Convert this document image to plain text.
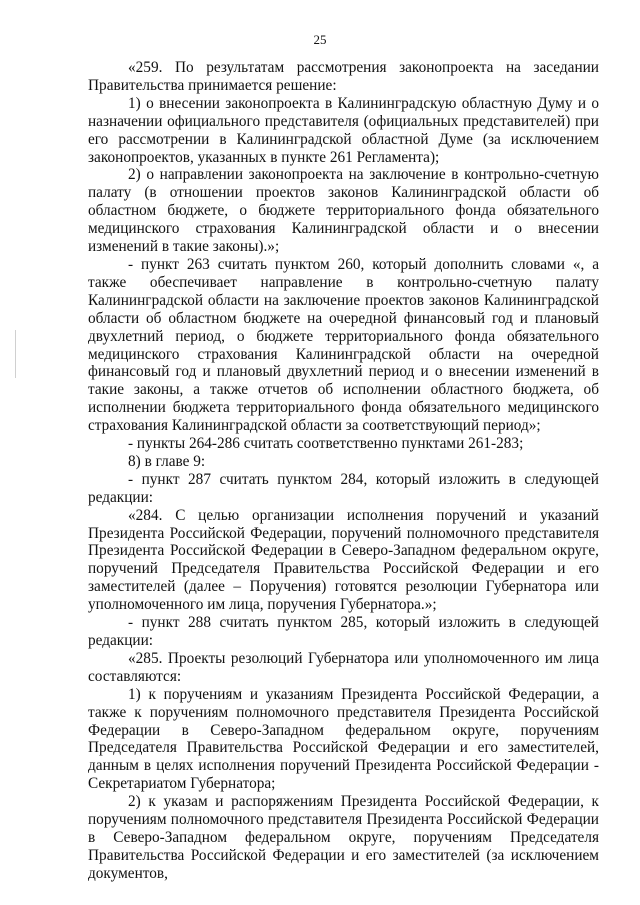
25

«259. По результатам рассмотрения законопроекта на заседании Правительства принимается решение:

1) о внесении законопроекта в Калининградскую областную Думу и о назначении официального представителя (официальных представителей) при его рассмотрении в Калининградской областной Думе (за исключением законопроектов, указанных в пункте 261 Регламента);

2) о направлении законопроекта на заключение в контрольно-счетную палату (в отношении проектов законов Калининградской области об областном бюджете, о бюджете территориального фонда обязательного медицинского страхования Калининградской области и о внесении изменений в такие законы).»;

- пункт 263 считать пунктом 260, который дополнить словами «, а также обеспечивает направление в контрольно-счетную палату Калининградской области на заключение проектов законов Калининградской области об областном бюджете на очередной финансовый год и плановый двухлетний период, о бюджете территориального фонда обязательного медицинского страхования Калининградской области на очередной финансовый год и плановый двухлетний период и о внесении изменений в такие законы, а также отчетов об исполнении областного бюджета, об исполнении бюджета территориального фонда обязательного медицинского страхования Калининградской области за соответствующий период»;

- пункты 264-286 считать соответственно пунктами 261-283;

8) в главе 9:

- пункт 287 считать пунктом 284, который изложить в следующей редакции:

«284. С целью организации исполнения поручений и указаний Президента Российской Федерации, поручений полномочного представителя Президента Российской Федерации в Северо-Западном федеральном округе, поручений Председателя Правительства Российской Федерации и его заместителей (далее – Поручения) готовятся резолюции Губернатора или уполномоченного им лица, поручения Губернатора.»;

- пункт 288 считать пунктом 285, который изложить в следующей редакции:

«285. Проекты резолюций Губернатора или уполномоченного им лица составляются:

1) к поручениям и указаниям Президента Российской Федерации, а также к поручениям полномочного представителя Президента Российской Федерации в Северо-Западном федеральном округе, поручениям Председателя Правительства Российской Федерации и его заместителей, данным в целях исполнения поручений Президента Российской Федерации - Секретариатом Губернатора;

2) к указам и распоряжениям Президента Российской Федерации, к поручениям полномочного представителя Президента Российской Федерации в Северо-Западном федеральном округе, поручениям Председателя Правительства Российской Федерации и его заместителей (за исключением документов,
